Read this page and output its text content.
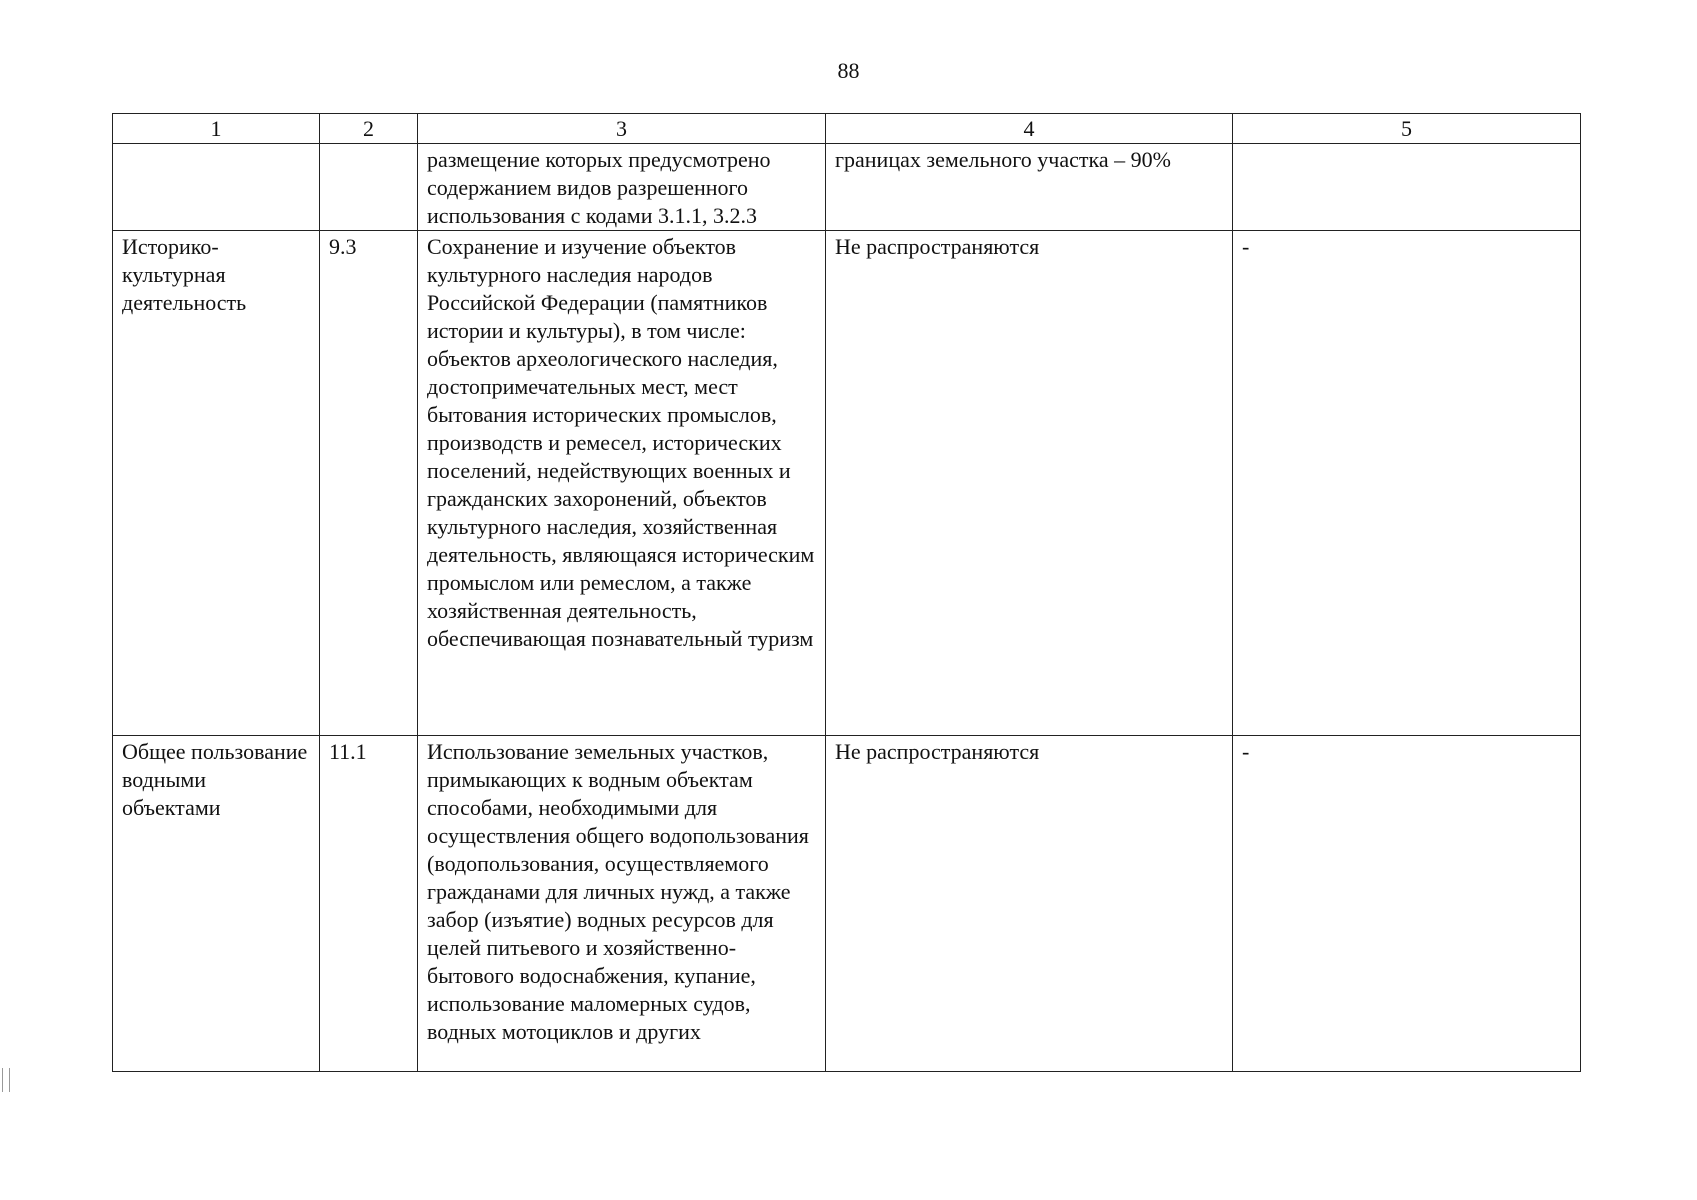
88
1	2	3	4	5
		размещение которых предусмотрено содержанием видов разрешенного использования с кодами 3.1.1, 3.2.3	границах земельного участка – 90%	
Историко-культурная деятельность	9.3	Сохранение и изучение объектов культурного наследия народов Российской Федерации (памятников истории и культуры), в том числе: объектов археологического наследия, достопримечательных мест, мест бытования исторических промыслов, производств и ремесел, исторических поселений, недействующих военных и гражданских захоронений, объектов культурного наследия, хозяйственная деятельность, являющаяся историческим промыслом или ремеслом, а также хозяйственная деятельность, обеспечивающая познавательный туризм	Не распространяются	-
Общее пользование водными объектами	11.1	Использование земельных участков, примыкающих к водным объектам способами, необходимыми для осуществления общего водопользования (водопользования, осуществляемого гражданами для личных нужд, а также забор (изъятие) водных ресурсов для целей питьевого и хозяйственно-бытового водоснабжения, купание, использование маломерных судов, водных мотоциклов и других	Не распространяются	-
